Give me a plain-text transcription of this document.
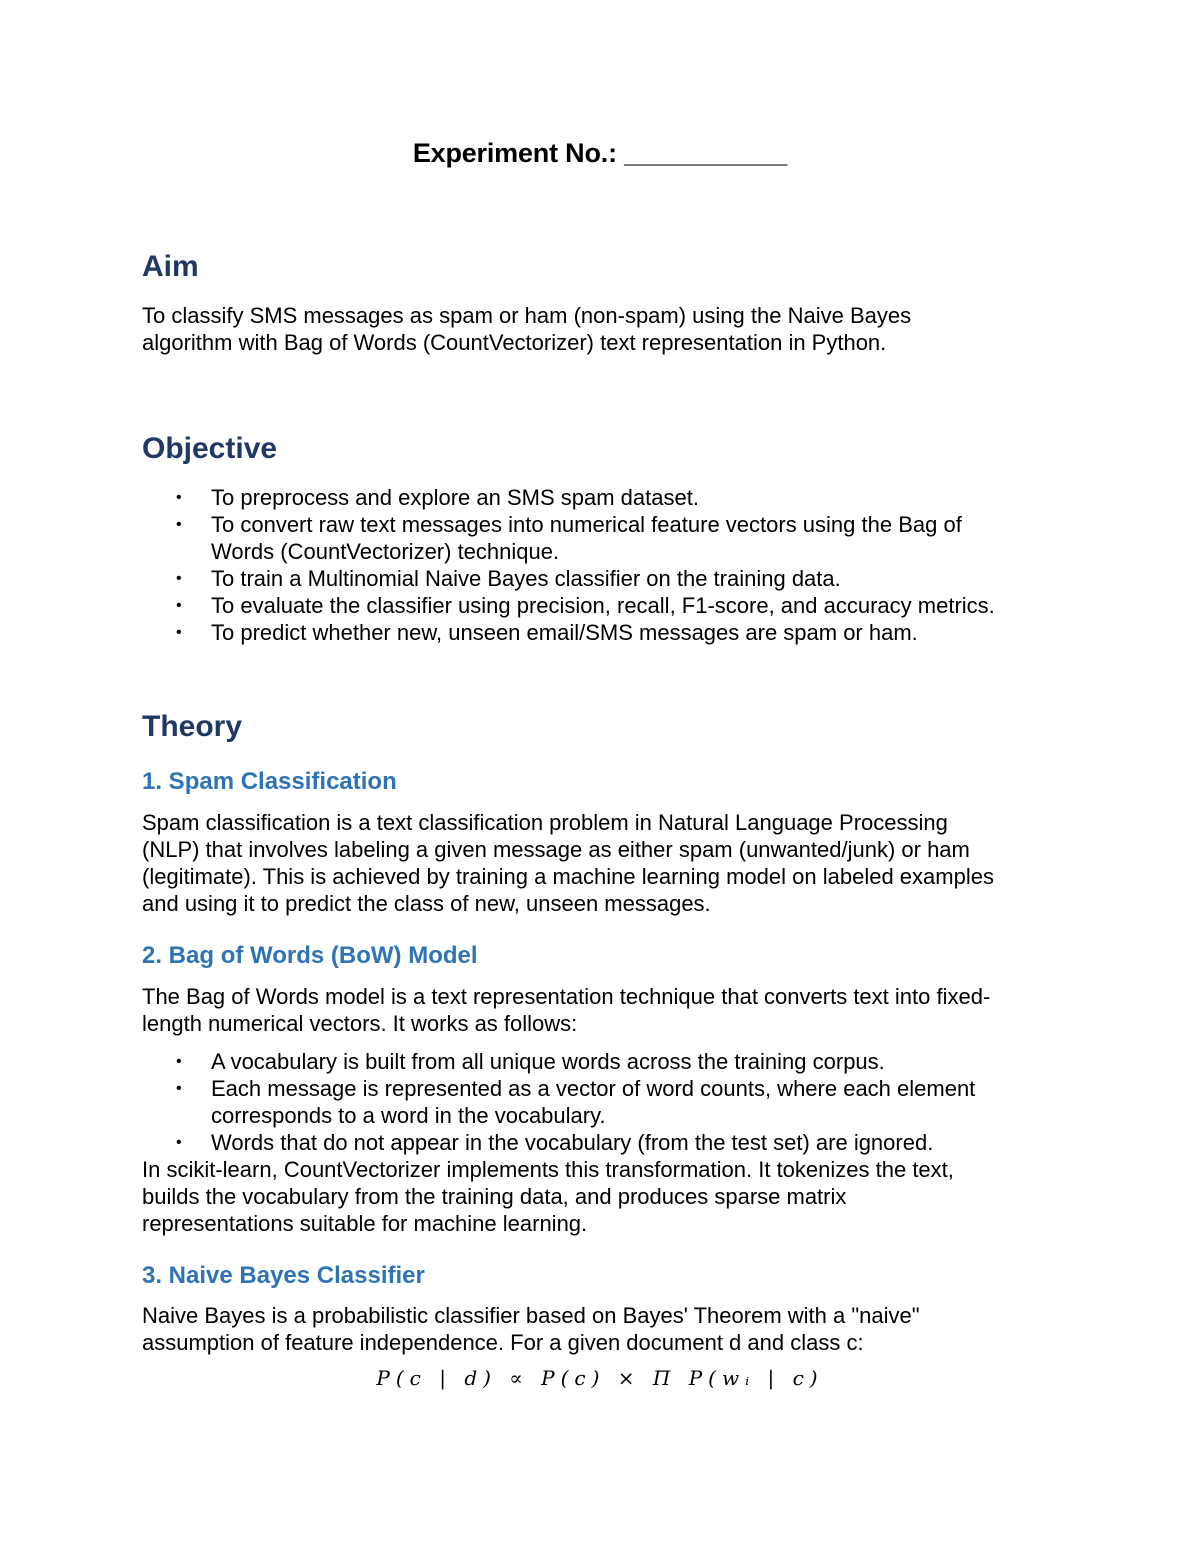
Experiment No.: ___________
Aim
To classify SMS messages as spam or ham (non-spam) using the Naive Bayes
algorithm with Bag of Words (CountVectorizer) text representation in Python.
Objective
• To preprocess and explore an SMS spam dataset.
• To convert raw text messages into numerical feature vectors using the Bag of
Words (CountVectorizer) technique.
• To train a Multinomial Naive Bayes classifier on the training data.
• To evaluate the classifier using precision, recall, F1-score, and accuracy metrics.
• To predict whether new, unseen email/SMS messages are spam or ham.
Theory
1. Spam Classification
Spam classification is a text classification problem in Natural Language Processing
(NLP) that involves labeling a given message as either spam (unwanted/junk) or ham
(legitimate). This is achieved by training a machine learning model on labeled examples
and using it to predict the class of new, unseen messages.
2. Bag of Words (BoW) Model
The Bag of Words model is a text representation technique that converts text into fixed-
length numerical vectors. It works as follows:
• A vocabulary is built from all unique words across the training corpus.
• Each message is represented as a vector of word counts, where each element
corresponds to a word in the vocabulary.
• Words that do not appear in the vocabulary (from the test set) are ignored.
In scikit-learn, CountVectorizer implements this transformation. It tokenizes the text,
builds the vocabulary from the training data, and produces sparse matrix
representations suitable for machine learning.
3. Naive Bayes Classifier
Naive Bayes is a probabilistic classifier based on Bayes' Theorem with a "naive"
assumption of feature independence. For a given document d and class c:
P(c | d) ∝ P(c) × Π P(wᵢ | c)
